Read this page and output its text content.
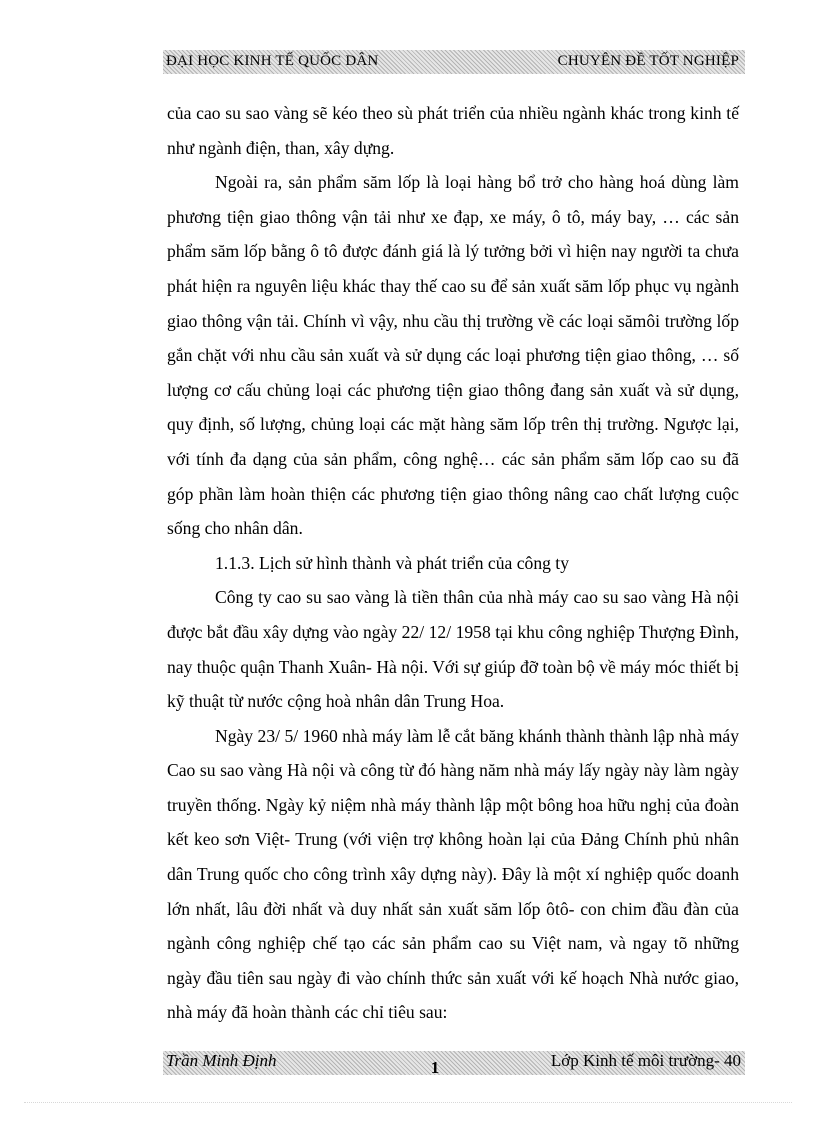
ĐẠI HỌC KINH TẾ QUỐC DÂN	CHUYÊN ĐỀ TỐT NGHIỆP

của cao su sao vàng sẽ kéo theo sù phát triển của nhiều ngành khác trong kinh tế như ngành điện, than, xây dựng.

Ngoài ra, sản phẩm săm lốp là loại hàng bổ trở cho hàng hoá dùng làm phương tiện giao thông vận tải như xe đạp, xe máy, ô tô, máy bay, … các sản phẩm săm lốp bằng ô tô được đánh giá là lý tưởng bởi vì hiện nay người ta chưa phát hiện ra nguyên liệu khác thay thế cao su để sản xuất săm lốp phục vụ ngành giao thông vận tải. Chính vì vậy, nhu cầu thị trường về các loại sămôi trường lốp gắn chặt với nhu cầu sản xuất và sử dụng các loại phương tiện giao thông, … số lượng cơ cấu chủng loại các phương tiện giao thông đang sản xuất và sử dụng, quy định, số lượng, chủng loại các mặt hàng săm lốp trên thị trường. Ngược lại, với tính đa dạng của sản phẩm, công nghệ… các sản phẩm săm lốp cao su đã góp phần làm hoàn thiện các phương tiện giao thông nâng cao chất lượng cuộc sống cho nhân dân.

1.1.3. Lịch sử hình thành và phát triển của công ty

Công ty cao su sao vàng là tiền thân của nhà máy cao su sao vàng Hà nội được bắt đầu xây dựng vào ngày 22/ 12/ 1958 tại khu công nghiệp Thượng Đình, nay thuộc quận Thanh Xuân- Hà nội. Với sự giúp đỡ toàn bộ về máy móc thiết bị kỹ thuật từ nước cộng hoà nhân dân Trung Hoa.

Ngày 23/ 5/ 1960 nhà máy làm lễ cắt băng khánh thành thành lập nhà máy Cao su sao vàng Hà nội và công từ đó hàng năm nhà máy lấy ngày này làm ngày truyền thống. Ngày kỷ niệm nhà máy thành lập một bông hoa hữu nghị của đoàn kết keo sơn Việt- Trung (với viện trợ không hoàn lại của Đảng Chính phủ nhân dân Trung quốc cho công trình xây dựng này). Đây là một xí nghiệp quốc doanh lớn nhất, lâu đời nhất và duy nhất sản xuất săm lốp ôtô- con chim đầu đàn của ngành công nghiệp chế tạo các sản phẩm cao su Việt nam, và ngay tõ những ngày đầu tiên sau ngày đi vào chính thức sản xuất với kế hoạch Nhà nước giao, nhà máy đã hoàn thành các chỉ tiêu sau:

Trần Minh Định	Lớp Kinh tế môi trường- 40
1
